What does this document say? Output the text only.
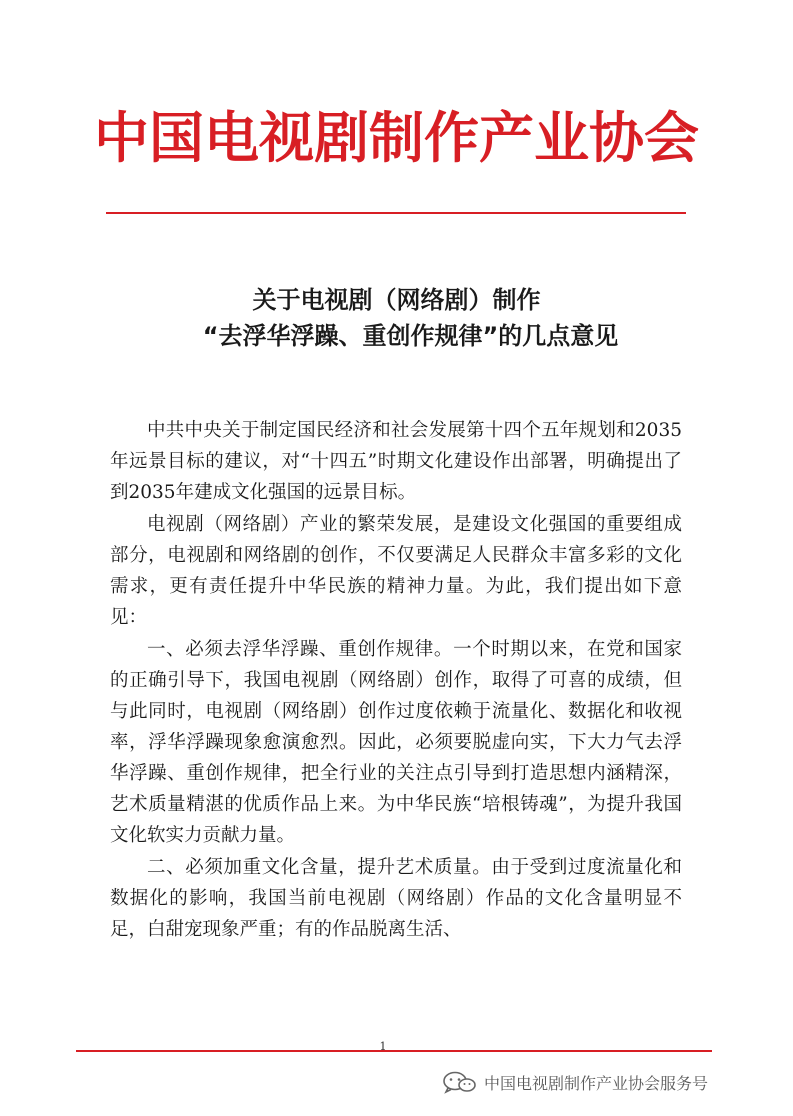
中国电视剧制作产业协会
关于电视剧（网络剧）制作
“去浮华浮躁、重创作规律”的几点意见

中共中央关于制定国民经济和社会发展第十四个五年规划和2035年远景目标的建议，对“十四五”时期文化建设作出部署，明确提出了到2035年建成文化强国的远景目标。

电视剧（网络剧）产业的繁荣发展，是建设文化强国的重要组成部分，电视剧和网络剧的创作，不仅要满足人民群众丰富多彩的文化需求，更有责任提升中华民族的精神力量。为此，我们提出如下意见：

一、必须去浮华浮躁、重创作规律。一个时期以来，在党和国家的正确引导下，我国电视剧（网络剧）创作，取得了可喜的成绩，但与此同时，电视剧（网络剧）创作过度依赖于流量化、数据化和收视率，浮华浮躁现象愈演愈烈。因此，必须要脱虚向实，下大力气去浮华浮躁、重创作规律，把全行业的关注点引导到打造思想内涵精深，艺术质量精湛的优质作品上来。为中华民族“培根铸魂”，为提升我国文化软实力贡献力量。

二、必须加重文化含量，提升艺术质量。由于受到过度流量化和数据化的影响，我国当前电视剧（网络剧）作品的文化含量明显不足，白甜宠现象严重；有的作品脱离生活、

1
中国电视剧制作产业协会服务号
